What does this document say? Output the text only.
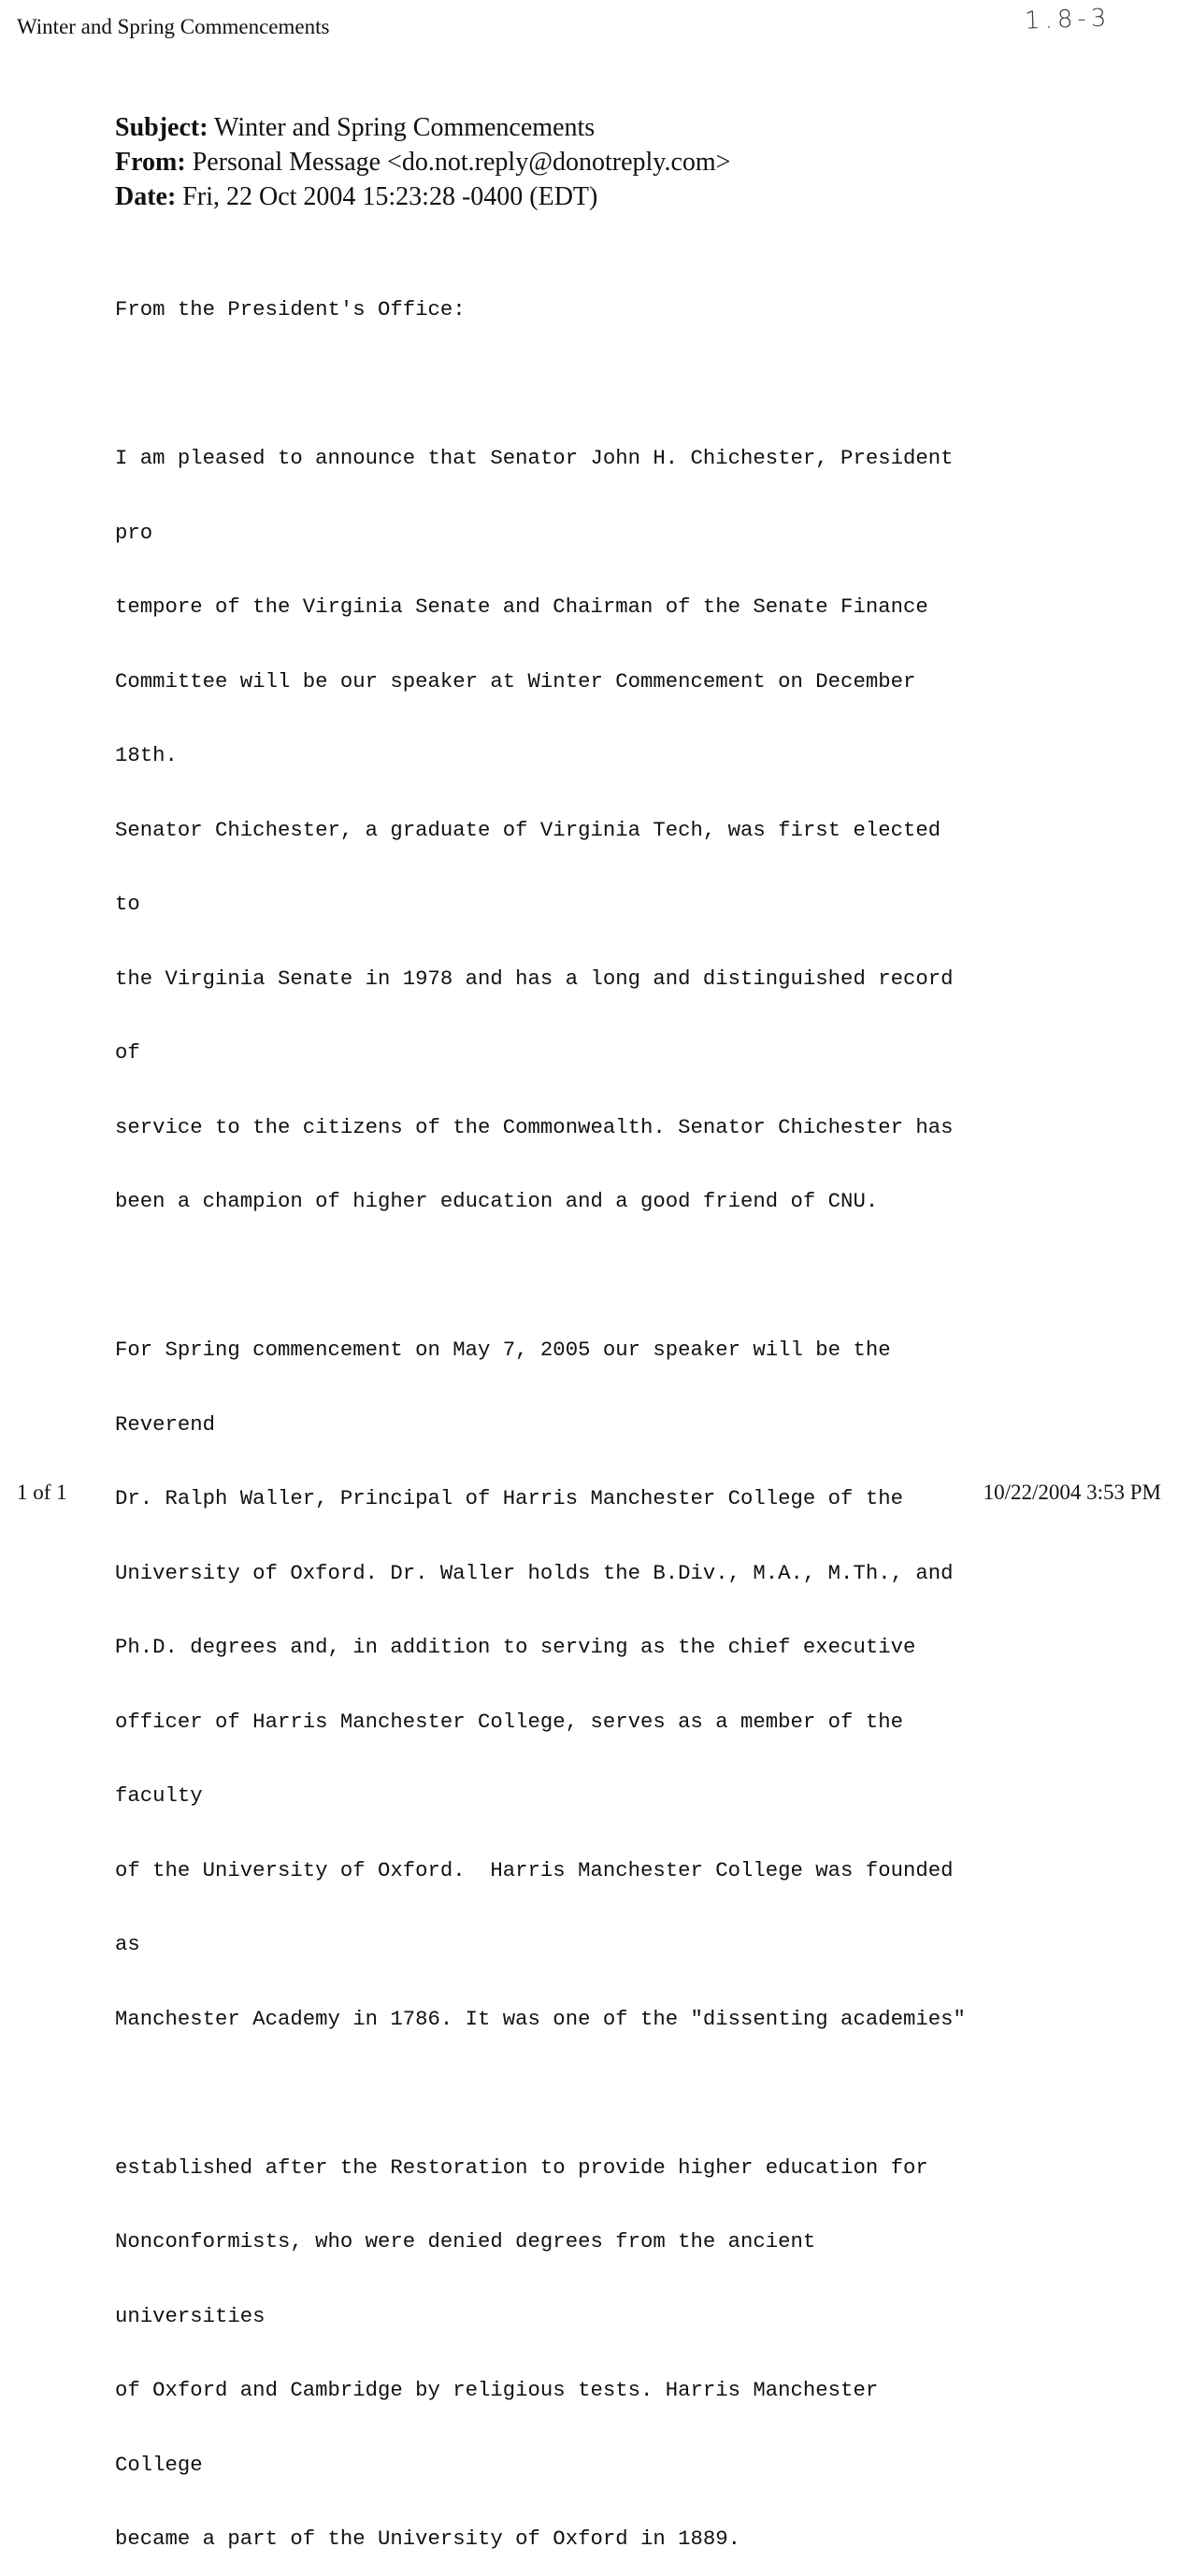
Winter and Spring Commencements	1.8-3
Subject: Winter and Spring Commencements
From: Personal Message <do.not.reply@donotreply.com>
Date: Fri, 22 Oct 2004 15:23:28 -0400 (EDT)

From the President's Office:

I am pleased to announce that Senator John H. Chichester, President

pro

tempore of the Virginia Senate and Chairman of the Senate Finance

Committee will be our speaker at Winter Commencement on December

18th.

Senator Chichester, a graduate of Virginia Tech, was first elected

to

the Virginia Senate in 1978 and has a long and distinguished record

of

service to the citizens of the Commonwealth. Senator Chichester has

been a champion of higher education and a good friend of CNU.

For Spring commencement on May 7, 2005 our speaker will be the

Reverend

Dr. Ralph Waller, Principal of Harris Manchester College of the

University of Oxford. Dr. Waller holds the B.Div., M.A., M.Th., and

Ph.D. degrees and, in addition to serving as the chief executive

officer of Harris Manchester College, serves as a member of the

faculty

of the University of Oxford.  Harris Manchester College was founded

as

Manchester Academy in 1786. It was one of the "dissenting academies"

established after the Restoration to provide higher education for

Nonconformists, who were denied degrees from the ancient

universities

of Oxford and Cambridge by religious tests. Harris Manchester

College

became a part of the University of Oxford in 1889.

1 of 1	10/22/2004 3:53 PM
